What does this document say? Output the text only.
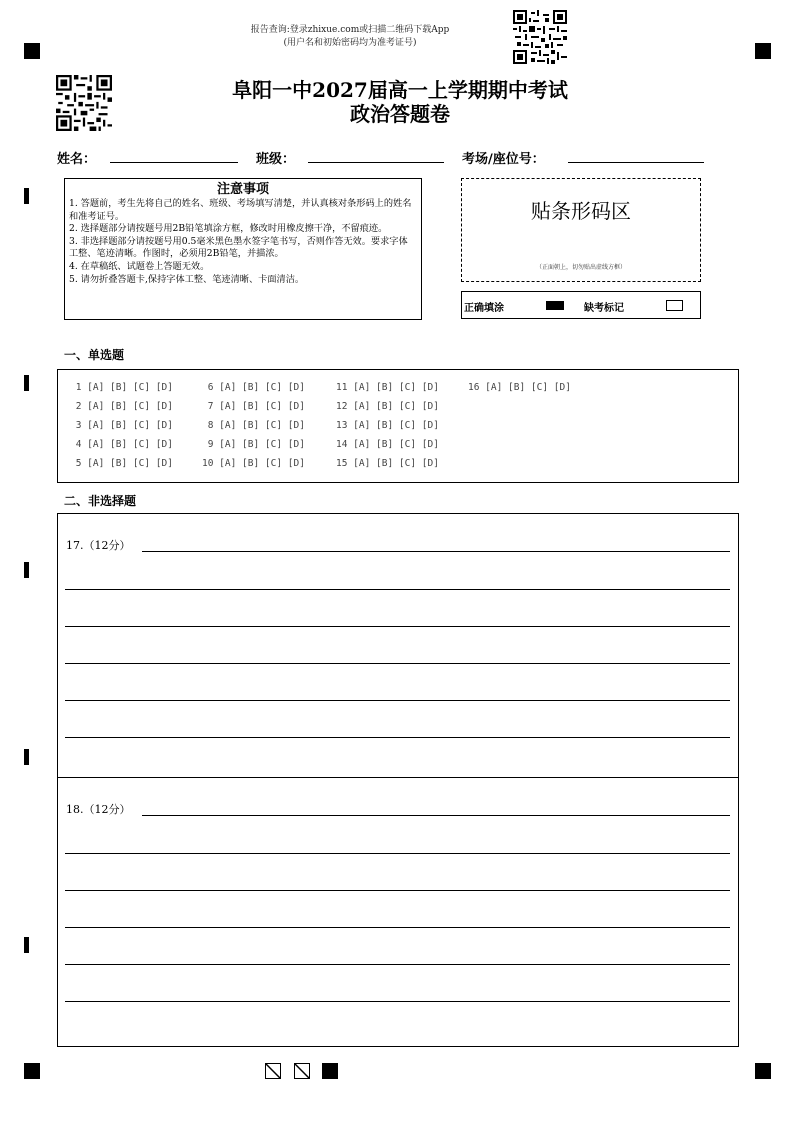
报告查询:登录zhixue.com或扫描二维码下载App
(用户名和初始密码均为准考证号)
阜阳一中2027届高一上学期期中考试
政治答题卷
姓名：	班级：	考场/座位号：
注意事项
1. 答题前，考生先将自己的姓名、班级、考场填写清楚，并认真核对条形码上的姓名和准考证号。
2. 选择题部分请按题号用2B铅笔填涂方框，修改时用橡皮擦干净，不留痕迹。
3. 非选择题部分请按题号用0.5毫米黑色墨水签字笔书写，否则作答无效。要求字体工整、笔迹清晰。作图时，必须用2B铅笔，并描浓。
4. 在草稿纸、试题卷上答题无效。
5. 请勿折叠答题卡,保持字体工整、笔迹清晰、卡面清洁。
贴条形码区
（正面朝上，切勿贴出虚线方框）
正确填涂	缺考标记
一、单选题
1 [A] [B] [C] [D]	6 [A] [B] [C] [D]	11 [A] [B] [C] [D]	16 [A] [B] [C] [D]
2 [A] [B] [C] [D]	7 [A] [B] [C] [D]	12 [A] [B] [C] [D]
3 [A] [B] [C] [D]	8 [A] [B] [C] [D]	13 [A] [B] [C] [D]
4 [A] [B] [C] [D]	9 [A] [B] [C] [D]	14 [A] [B] [C] [D]
5 [A] [B] [C] [D]	10 [A] [B] [C] [D]	15 [A] [B] [C] [D]
二、非选择题
17.（12分）
18.（12分）
